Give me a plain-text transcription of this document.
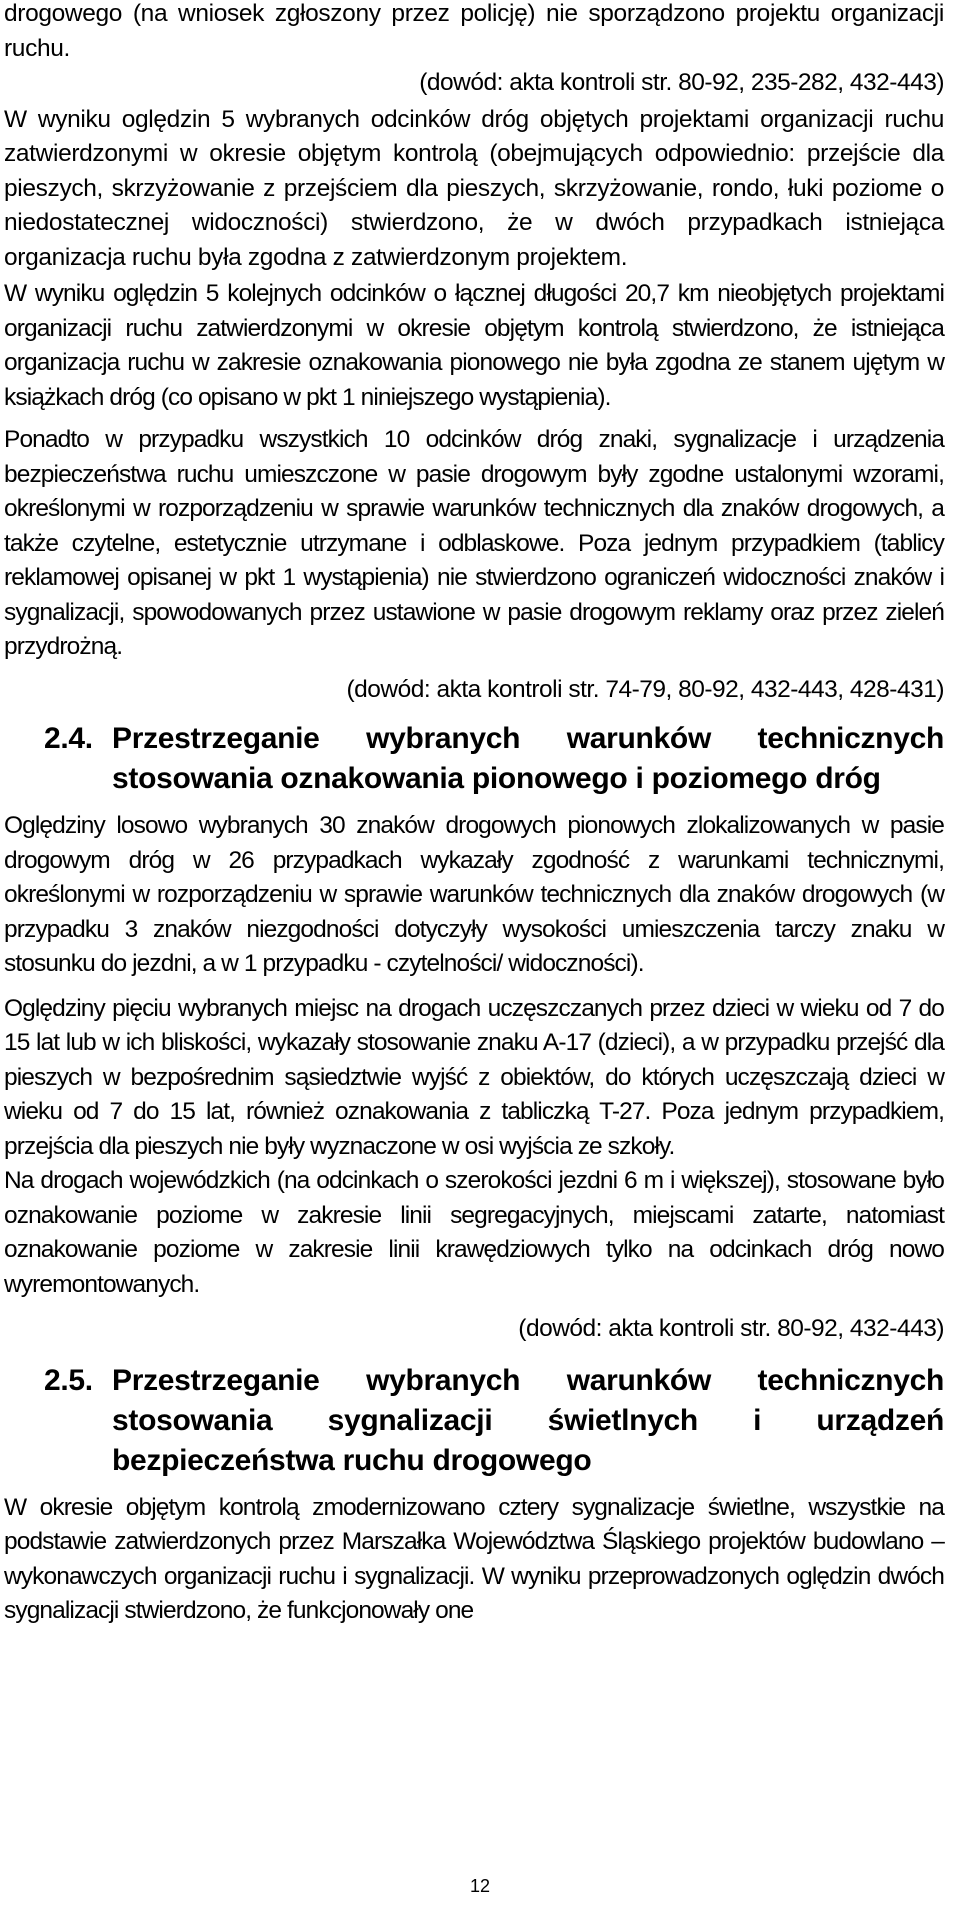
drogowego (na wniosek zgłoszony przez policję) nie sporządzono projektu organizacji ruchu.

(dowód: akta kontroli str. 80-92, 235-282, 432-443)

W wyniku oględzin 5 wybranych odcinków dróg objętych projektami organizacji ruchu zatwierdzonymi w okresie objętym kontrolą (obejmujących odpowiednio: przejście dla pieszych, skrzyżowanie z przejściem dla pieszych, skrzyżowanie, rondo, łuki poziome o niedostatecznej widoczności) stwierdzono, że w dwóch przypadkach istniejąca organizacja ruchu była zgodna z zatwierdzonym projektem.

W wyniku oględzin 5 kolejnych odcinków o łącznej długości 20,7 km nieobjętych projektami organizacji ruchu zatwierdzonymi w okresie objętym kontrolą stwierdzono, że istniejąca organizacja ruchu w zakresie oznakowania pionowego nie była zgodna ze stanem ujętym w książkach dróg (co opisano w pkt 1 niniejszego wystąpienia).

Ponadto w przypadku wszystkich 10 odcinków dróg znaki, sygnalizacje i urządzenia bezpieczeństwa ruchu umieszczone w pasie drogowym były zgodne ustalonymi wzorami, określonymi w rozporządzeniu w sprawie warunków technicznych dla znaków drogowych, a także czytelne, estetycznie utrzymane i odblaskowe. Poza jednym przypadkiem (tablicy reklamowej opisanej w pkt 1 wystąpienia) nie stwierdzono ograniczeń widoczności znaków i sygnalizacji, spowodowanych przez ustawione w pasie drogowym reklamy oraz przez zieleń przydrożną.

(dowód: akta kontroli str. 74-79, 80-92, 432-443, 428-431)

2.4. Przestrzeganie wybranych warunków technicznych stosowania oznakowania pionowego i poziomego dróg

Oględziny losowo wybranych 30 znaków drogowych pionowych zlokalizowanych w pasie drogowym dróg w 26 przypadkach wykazały zgodność z warunkami technicznymi, określonymi w rozporządzeniu w sprawie warunków technicznych dla znaków drogowych (w przypadku 3 znaków niezgodności dotyczyły wysokości umieszczenia tarczy znaku w stosunku do jezdni, a w 1 przypadku - czytelności/ widoczności).

Oględziny pięciu wybranych miejsc na drogach uczęszczanych przez dzieci w wieku od 7 do 15 lat lub w ich bliskości, wykazały stosowanie znaku A-17 (dzieci), a w przypadku przejść dla pieszych w bezpośrednim sąsiedztwie wyjść z obiektów, do których uczęszczają dzieci w wieku od 7 do 15 lat, również oznakowania z tabliczką T-27. Poza jednym przypadkiem, przejścia dla pieszych nie były wyznaczone w osi wyjścia ze szkoły.

Na drogach wojewódzkich (na odcinkach o szerokości jezdni 6 m i większej), stosowane było oznakowanie poziome w zakresie linii segregacyjnych, miejscami zatarte, natomiast oznakowanie poziome w zakresie linii krawędziowych tylko na odcinkach dróg nowo wyremontowanych.

(dowód: akta kontroli str. 80-92, 432-443)

2.5. Przestrzeganie wybranych warunków technicznych stosowania sygnalizacji świetlnych i urządzeń bezpieczeństwa ruchu drogowego

W okresie objętym kontrolą zmodernizowano cztery sygnalizacje świetlne, wszystkie na podstawie zatwierdzonych przez Marszałka Województwa Śląskiego projektów budowlano – wykonawczych organizacji ruchu i sygnalizacji. W wyniku przeprowadzonych oględzin dwóch sygnalizacji stwierdzono, że funkcjonowały one

12
